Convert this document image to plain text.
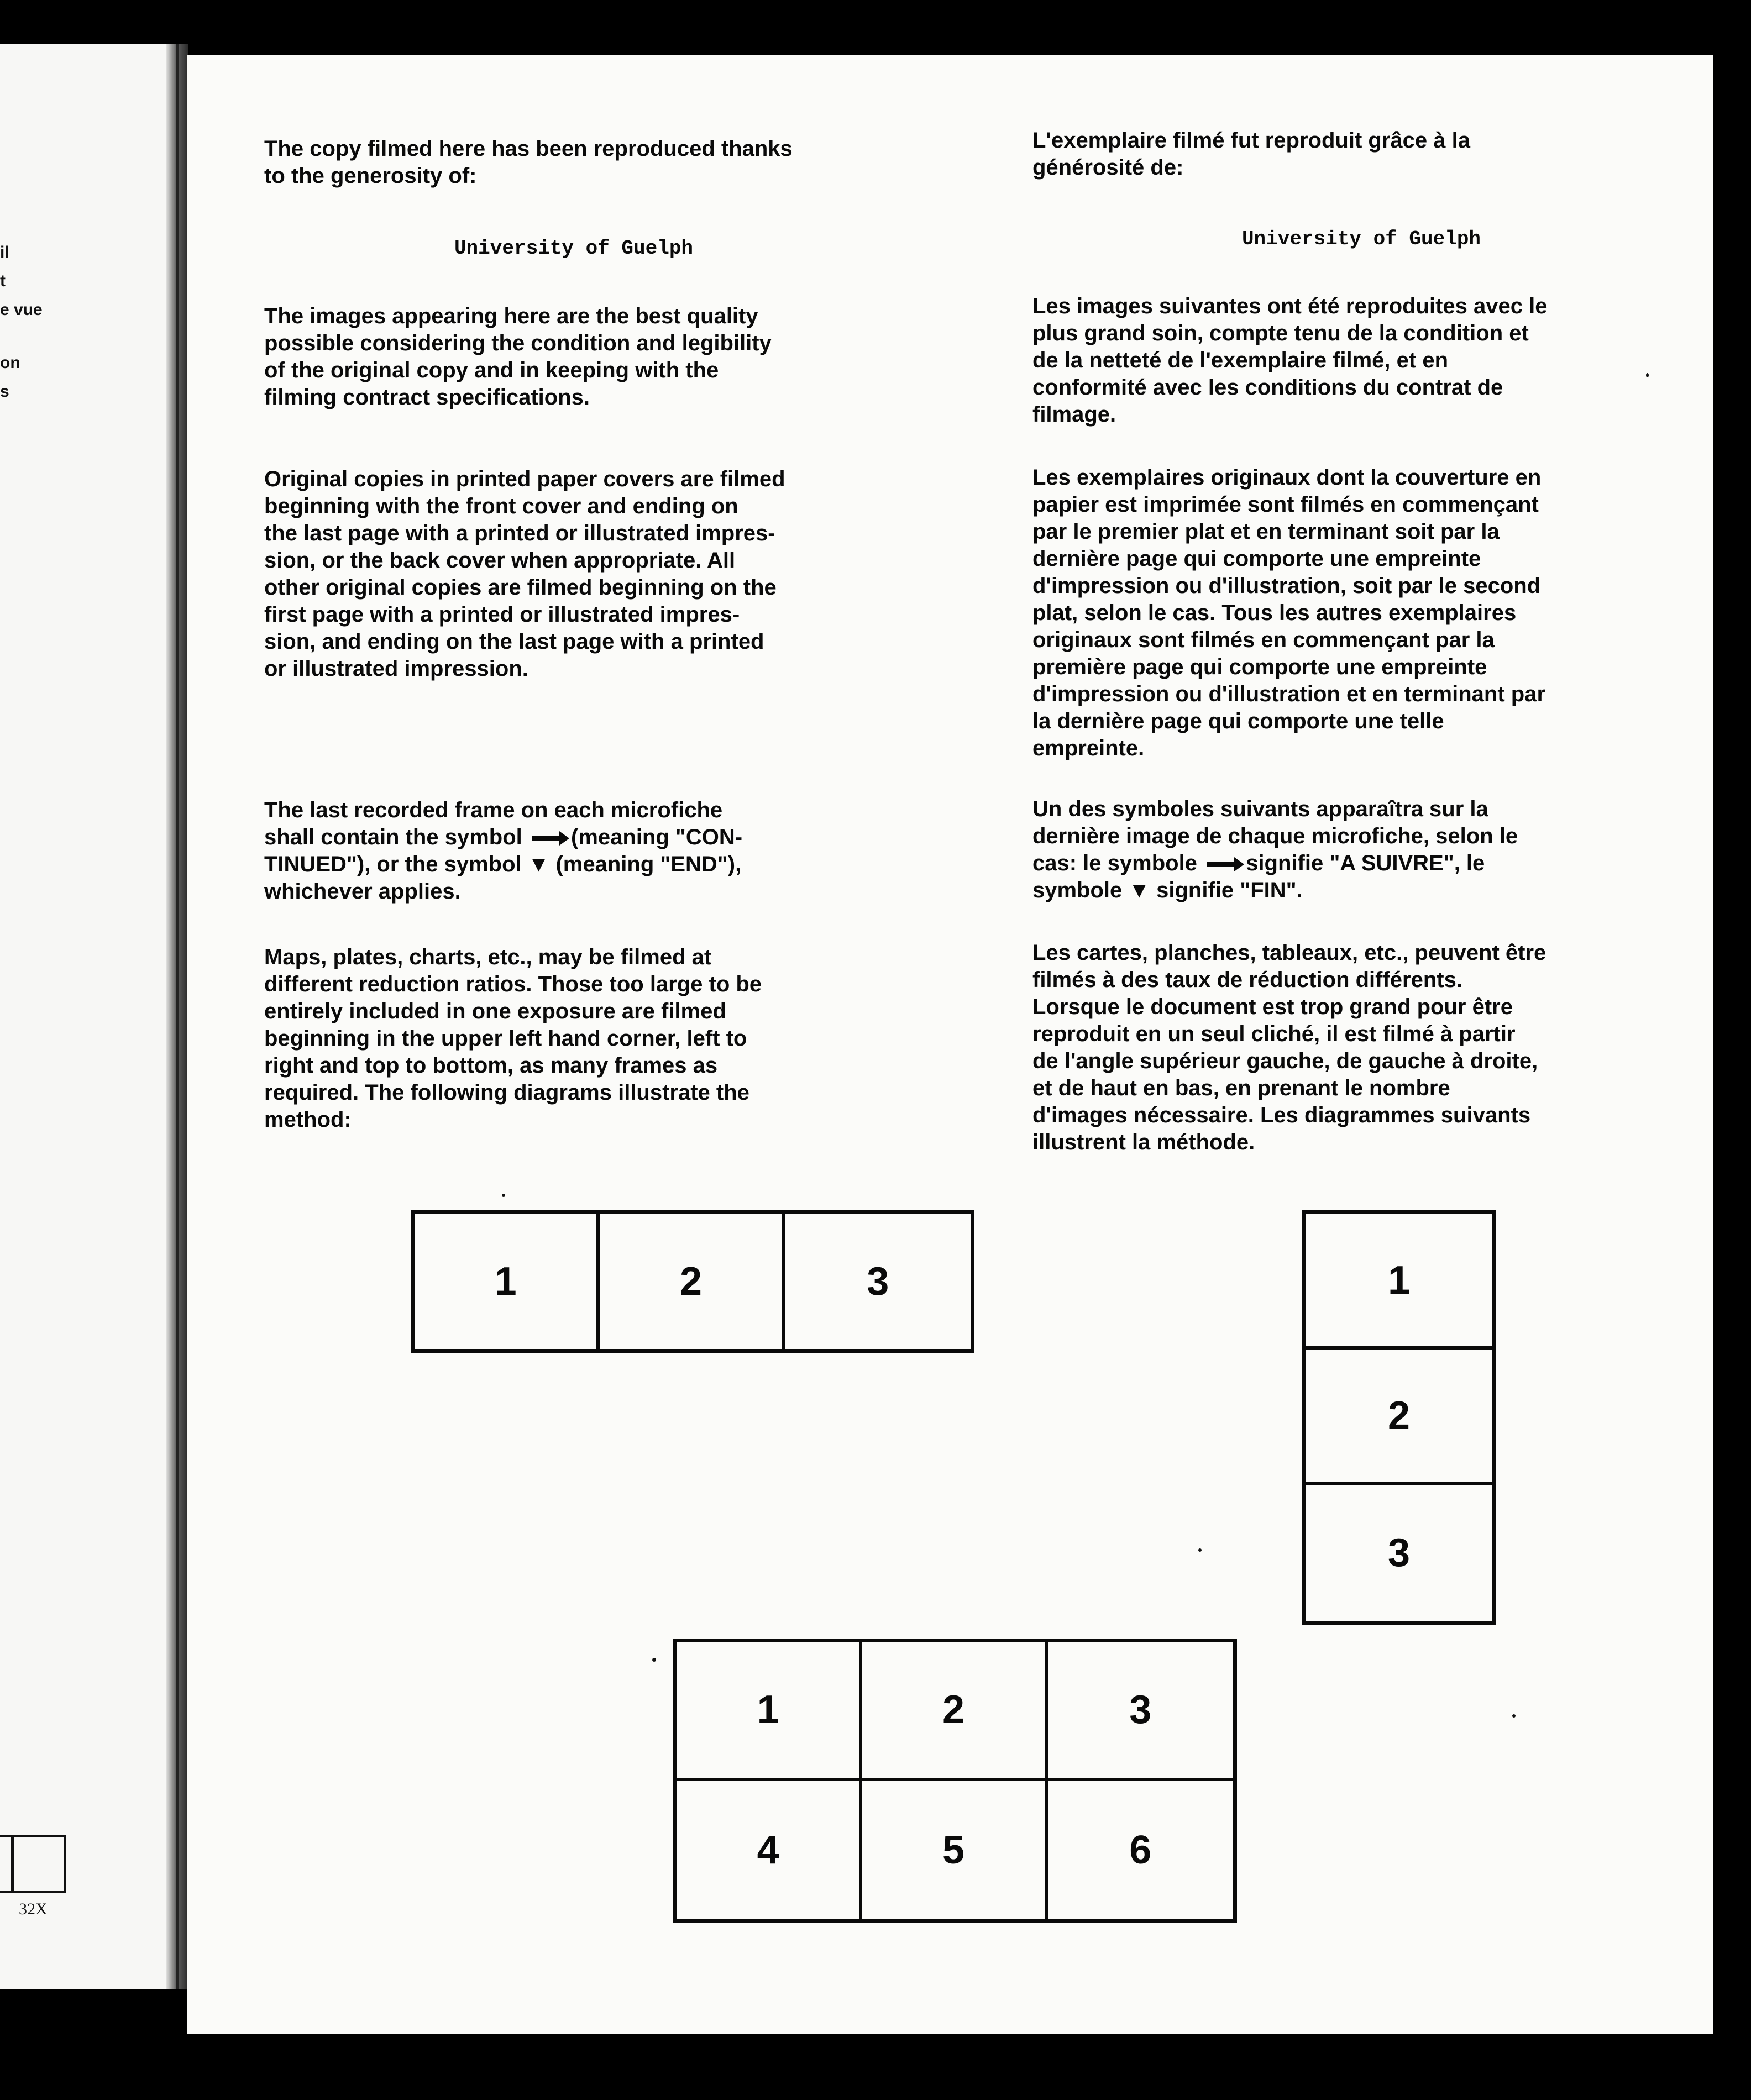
il
t
e vue
on
s
32X

The copy filmed here has been reproduced thanks
to the generosity of:

University of Guelph

The images appearing here are the best quality
possible considering the condition and legibility
of the original copy and in keeping with the
filming contract specifications.

Original copies in printed paper covers are filmed
beginning with the front cover and ending on
the last page with a printed or illustrated impres-
sion, or the back cover when appropriate. All
other original copies are filmed beginning on the
first page with a printed or illustrated impres-
sion, and ending on the last page with a printed
or illustrated impression.

The last recorded frame on each microfiche
shall contain the symbol (meaning "CON-
TINUED"), or the symbol ▼ (meaning "END"),
whichever applies.

Maps, plates, charts, etc., may be filmed at
different reduction ratios. Those too large to be
entirely included in one exposure are filmed
beginning in the upper left hand corner, left to
right and top to bottom, as many frames as
required. The following diagrams illustrate the
method:

L'exemplaire filmé fut reproduit grâce à la
générosité de:

University of Guelph

Les images suivantes ont été reproduites avec le
plus grand soin, compte tenu de la condition et
de la netteté de l'exemplaire filmé, et en
conformité avec les conditions du contrat de
filmage.

Les exemplaires originaux dont la couverture en
papier est imprimée sont filmés en commençant
par le premier plat et en terminant soit par la
dernière page qui comporte une empreinte
d'impression ou d'illustration, soit par le second
plat, selon le cas. Tous les autres exemplaires
originaux sont filmés en commençant par la
première page qui comporte une empreinte
d'impression ou d'illustration et en terminant par
la dernière page qui comporte une telle
empreinte.

Un des symboles suivants apparaîtra sur la
dernière image de chaque microfiche, selon le
cas: le symbole signifie "A SUIVRE", le
symbole ▼ signifie "FIN".

Les cartes, planches, tableaux, etc., peuvent être
filmés à des taux de réduction différents.
Lorsque le document est trop grand pour être
reproduit en un seul cliché, il est filmé à partir
de l'angle supérieur gauche, de gauche à droite,
et de haut en bas, en prenant le nombre
d'images nécessaire. Les diagrammes suivants
illustrent la méthode.

1	2	3	1
2
3
1	2	3
4	5	6
